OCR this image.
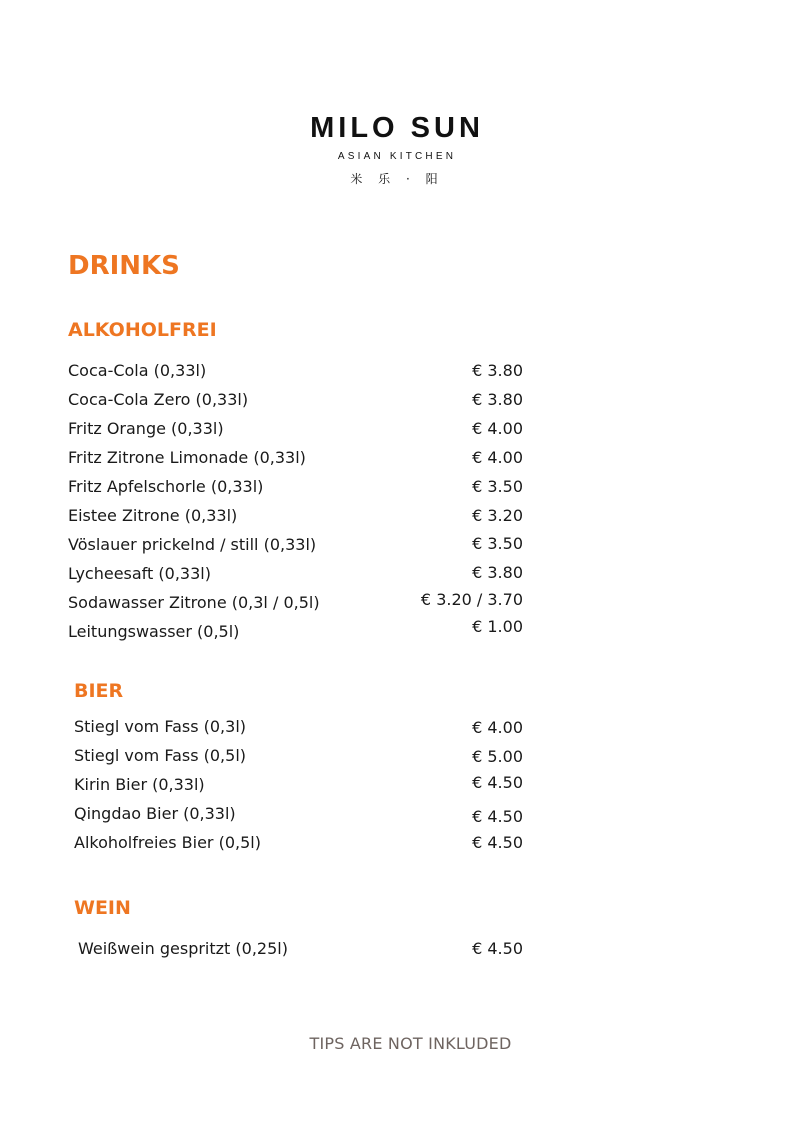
MILO SUN
ASIAN KITCHEN
米 乐 · 阳
DRINKS
ALKOHOLFREI
Coca-Cola (0,33l)	€ 3.80
Coca-Cola Zero (0,33l)	€ 3.80
Fritz Orange (0,33l)	€ 4.00
Fritz Zitrone Limonade (0,33l)	€ 4.00
Fritz Apfelschorle (0,33l)	€ 3.50
Eistee Zitrone (0,33l)	€ 3.20
Vöslauer prickelnd / still (0,33l)	€ 3.50
Lycheesaft (0,33l)	€ 3.80
Sodawasser Zitrone (0,3l / 0,5l)	€ 3.20 / 3.70
Leitungswasser (0,5l)	€ 1.00
BIER
Stiegl vom Fass (0,3l)	€ 4.00
Stiegl vom Fass (0,5l)	€ 5.00
Kirin Bier (0,33l)	€ 4.50
Qingdao Bier (0,33l)	€ 4.50
Alkoholfreies Bier (0,5l)	€ 4.50
WEIN
Weißwein gespritzt (0,25l)	€ 4.50
TIPS ARE NOT INKLUDED
